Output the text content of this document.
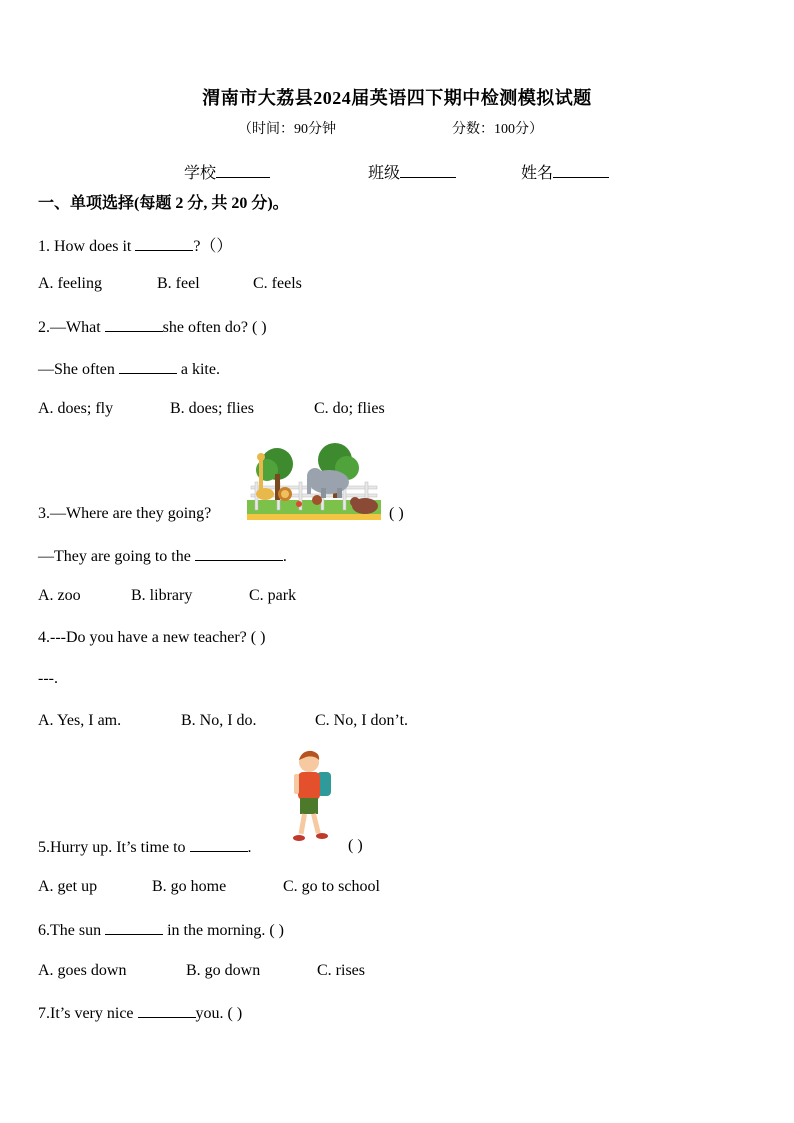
渭南市大荔县2024届英语四下期中检测模拟试题
（时间：90分钟	分数：100分）
学校	班级	姓名
一、单项选择(每题 2 分, 共 20 分)。
1. How does it	?（）
A. feeling	B. feel	C. feels
2.—What	she often do? ( )
—She often	a kite.
A. does; fly	B. does; flies	C. do; flies
3.—Where are they going?	( )
—They are going to the	.
A. zoo	B. library	C. park
4.---Do you have a new teacher? ( )
---.
A. Yes, I am.	B. No, I do.	C. No, I don’t.
5.Hurry up. It’s time to	.	( )
A. get up	B. go home	C. go to school
6.The sun	in the morning. ( )
A. goes down	B. go down	C. rises
7.It’s very nice	you. ( )
